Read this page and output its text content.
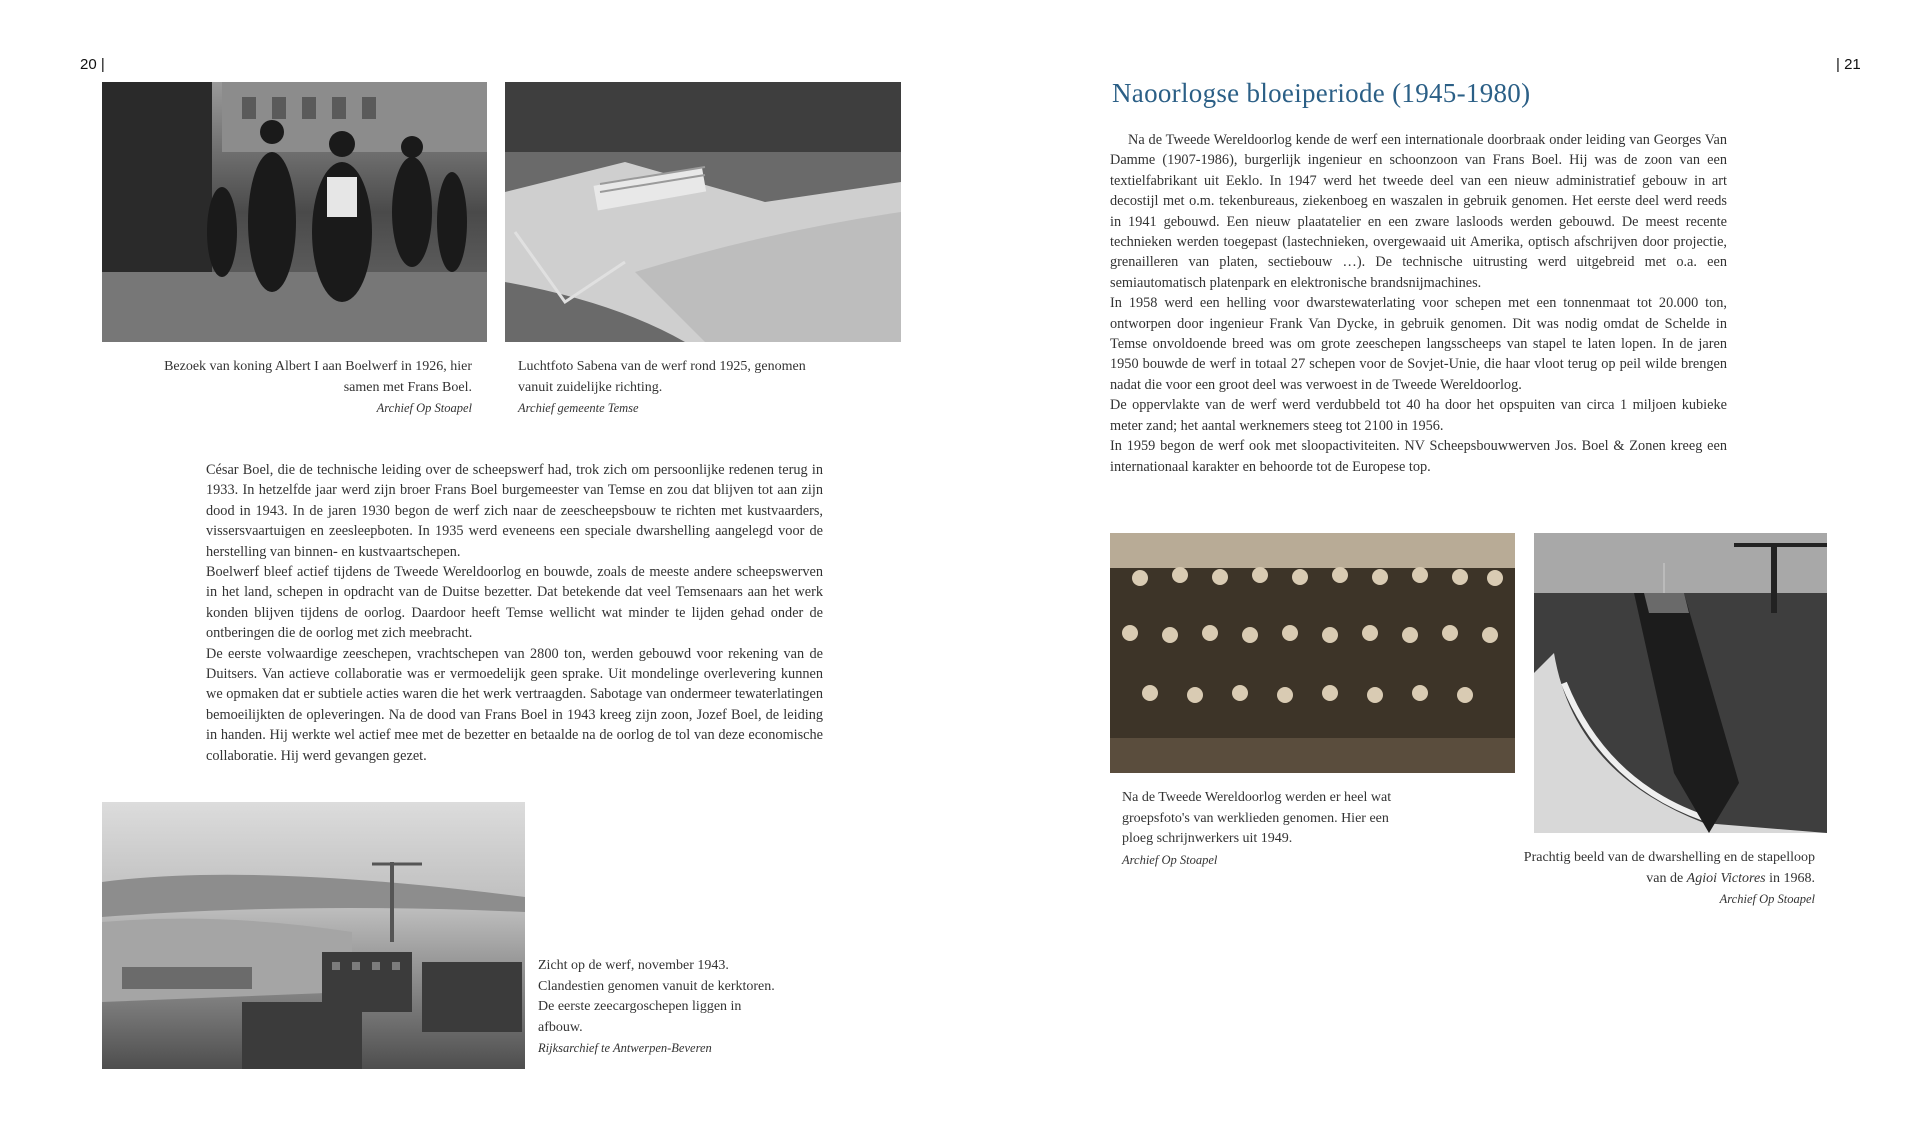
20 |
Bezoek van koning Albert I aan Boelwerf in 1926, hier samen met Frans Boel.
Archief Op Stoapel
Luchtfoto Sabena van de werf rond 1925, genomen vanuit zuidelijke richting.
Archief gemeente Temse

César Boel, die de technische leiding over de scheepswerf had, trok zich om persoonlijke redenen terug in 1933. In hetzelfde jaar werd zijn broer Frans Boel burgemeester van Temse en zou dat blijven tot aan zijn dood in 1943. In de jaren 1930 begon de werf zich naar de zeescheepsbouw te richten met kustvaarders, vissersvaartuigen en zeesleepboten. In 1935 werd eveneens een speciale dwarshelling aangelegd voor de herstelling van binnen- en kustvaartschepen.

Boelwerf bleef actief tijdens de Tweede Wereldoorlog en bouwde, zoals de meeste andere scheepswerven in het land, schepen in opdracht van de Duitse bezetter. Dat betekende dat veel Temsenaars aan het werk konden blijven tijdens de oorlog. Daardoor heeft Temse wellicht wat minder te lijden gehad onder de ontberingen die de oorlog met zich meebracht.

De eerste volwaardige zeeschepen, vrachtschepen van 2800 ton, werden gebouwd voor rekening van de Duitsers. Van actieve collaboratie was er vermoedelijk geen sprake. Uit mondelinge overlevering kunnen we opmaken dat er subtiele acties waren die het werk vertraagden. Sabotage van ondermeer tewaterlatingen bemoeilijkten de opleveringen. Na de dood van Frans Boel in 1943 kreeg zijn zoon, Jozef Boel, de leiding in handen. Hij werkte wel actief mee met de bezetter en betaalde na de oorlog de tol van deze economische collaboratie. Hij werd gevangen gezet.

Zicht op de werf, november 1943. Clandestien genomen vanuit de kerktoren. De eerste zeecargoschepen liggen in afbouw.
Rijksarchief te Antwerpen-Beveren
| 21
Naoorlogse bloeiperiode (1945-1980)

Na de Tweede Wereldoorlog kende de werf een internationale doorbraak onder leiding van Georges Van Damme (1907-1986), burgerlijk ingenieur en schoonzoon van Frans Boel. Hij was de zoon van een textielfabrikant uit Eeklo. In 1947 werd het tweede deel van een nieuw administratief gebouw in art decostijl met o.m. tekenbureaus, ziekenboeg en waszalen in gebruik genomen. Het eerste deel werd reeds in 1941 gebouwd. Een nieuw plaatatelier en een zware lasloods werden gebouwd. De meest recente technieken werden toegepast (lastechnieken, overgewaaid uit Amerika, optisch afschrijven door projectie, grenailleren van platen, sectiebouw …). De technische uitrusting werd uitgebreid met o.a. een semiautomatisch platenpark en elektronische brandsnijmachines.

In 1958 werd een helling voor dwarstewaterlating voor schepen met een tonnenmaat tot 20.000 ton, ontworpen door ingenieur Frank Van Dycke, in gebruik genomen. Dit was nodig omdat de Schelde in Temse onvoldoende breed was om grote zeeschepen langsscheeps van stapel te laten lopen. In de jaren 1950 bouwde de werf in totaal 27 schepen voor de Sovjet-Unie, die haar vloot terug op peil wilde brengen nadat die voor een groot deel was verwoest in de Tweede Wereldoorlog.

De oppervlakte van de werf werd verdubbeld tot 40 ha door het opspuiten van circa 1 miljoen kubieke meter zand; het aantal werknemers steeg tot 2100 in 1956.

In 1959 begon de werf ook met sloopactiviteiten. NV Scheepsbouwwerven Jos. Boel & Zonen kreeg een internationaal karakter en behoorde tot de Europese top.

Na de Tweede Wereldoorlog werden er heel wat groepsfoto's van werklieden genomen. Hier een ploeg schrijnwerkers uit 1949.
Archief Op Stoapel	Prachtig beeld van de dwarshelling en de stapelloop van de Agioi Victores in 1968.
Archief Op Stoapel
